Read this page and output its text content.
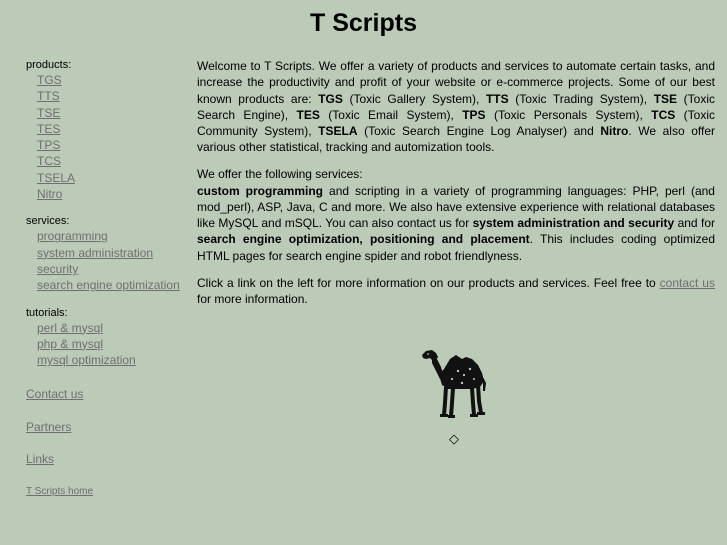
T Scripts

products:

TGS
TTS
TSE
TES
TPS
TCS
TSELA
Nitro

services:

programming
system administration
security
search engine optimization

tutorials:

perl & mysql
php & mysql
mysql optimization
Contact us
Partners
Links
T Scripts home

Welcome to T Scripts. We offer a variety of products and services to automate certain tasks, and increase the productivity and profit of your website or e-commerce projects. Some of our best known products are: TGS (Toxic Gallery System), TTS (Toxic Trading System), TSE (Toxic Search Engine), TES (Toxic Email System), TPS (Toxic Personals System), TCS (Toxic Community System), TSELA (Toxic Search Engine Log Analyser) and Nitro. We also offer various other statistical, tracking and automization tools.

We offer the following services:
custom programming and scripting in a variety of programming languages: PHP, perl (and mod_perl), ASP, Java, C and more. We also have extensive experience with relational databases like MySQL and mSQL. You can also contact us for system administration and security and for search engine optimization, positioning and placement. This includes coding optimized HTML pages for search engine spider and robot friendlyness.

Click a link on the left for more information on our products and services. Feel free to contact us for more information.

◇
